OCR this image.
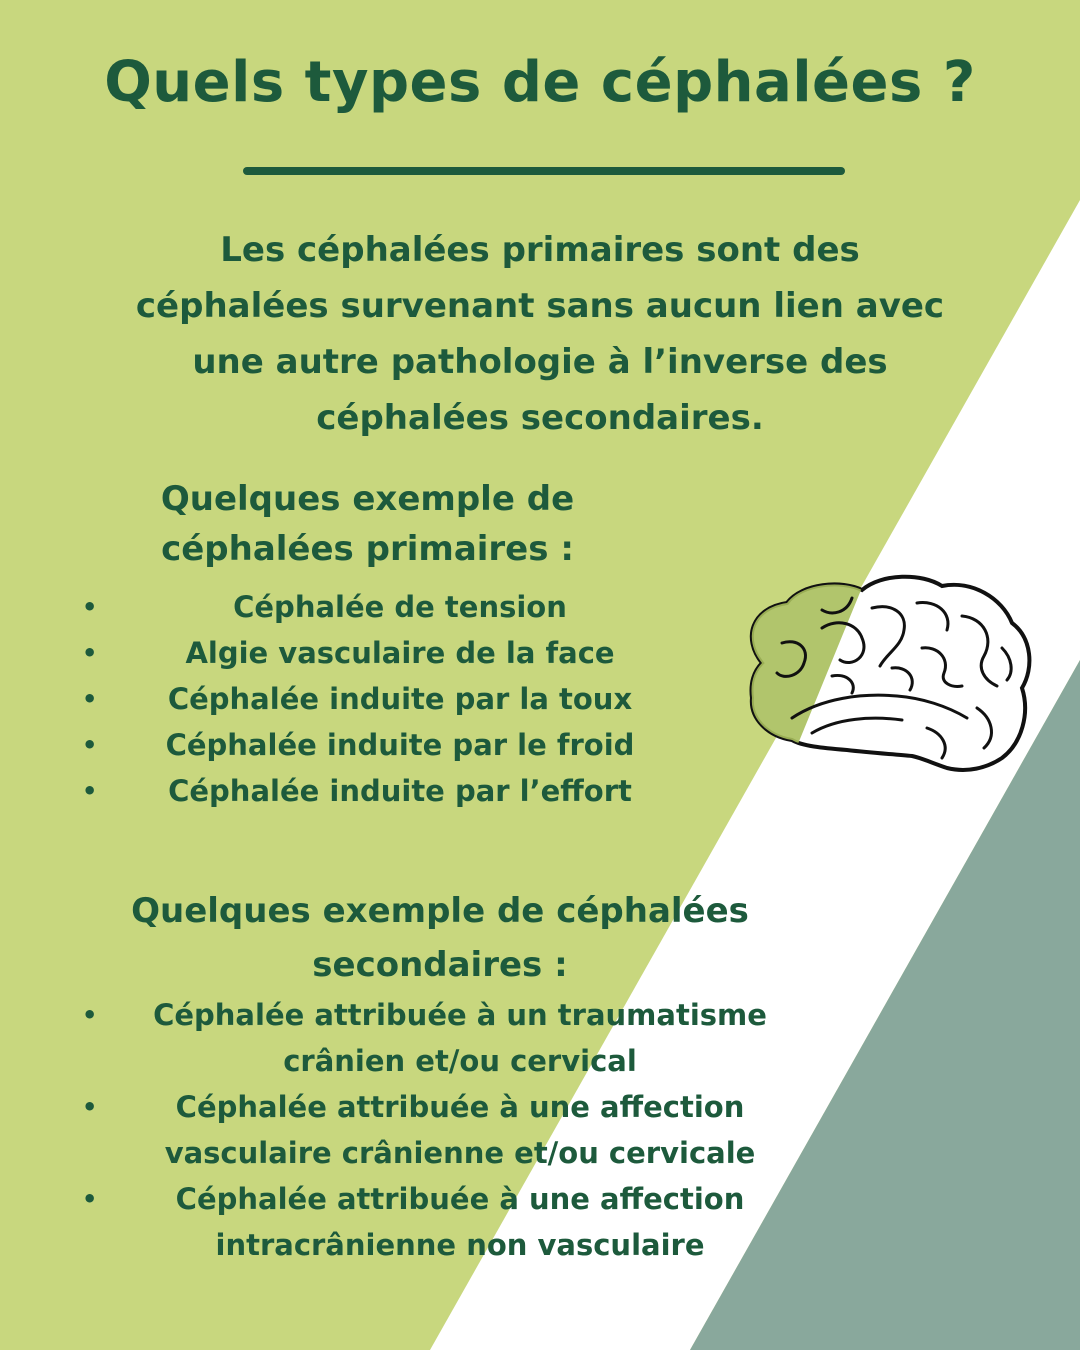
Quels types de céphalées ?

Les céphalées primaires sont des céphalées survenant sans aucun lien avec une autre pathologie à l’inverse des céphalées secondaires.

Quelques exemple de céphalées primaires :
•	Céphalée de tension
•	Algie vasculaire de la face
• Céphalée induite par la toux
• Céphalée induite par le froid
• Céphalée induite par l’effort
Quelques exemple de céphalées secondaires :
•	Céphalée attribuée à un traumatisme crânien et/ou cervical
•	Céphalée attribuée à une affection vasculaire crânienne et/ou cervicale
•	Céphalée attribuée à une affection intracrânienne non vasculaire
